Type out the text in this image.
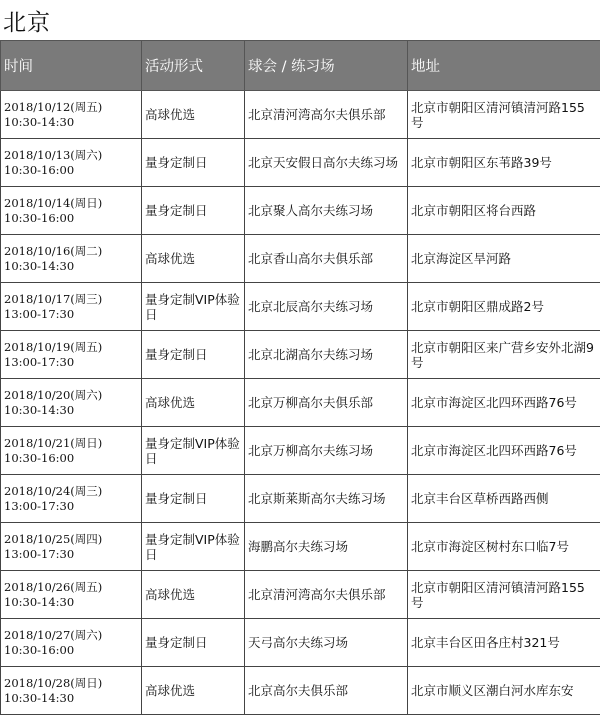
北京
时间	活动形式	球会 / 练习场	地址

2018/10/12(周五)
10:30-14:30	高球优选	北京清河湾高尔夫俱乐部	北京市朝阳区清河镇清河路155号

2018/10/13(周六)
10:30-16:00	量身定制日	北京天安假日高尔夫练习场	北京市朝阳区东苇路39号

2018/10/14(周日)
10:30-16:00	量身定制日	北京聚人高尔夫练习场	北京市朝阳区将台西路

2018/10/16(周二)
10:30-14:30	高球优选	北京香山高尔夫俱乐部	北京海淀区旱河路

2018/10/17(周三)
13:00-17:30	量身定制VIP体验日	北京北辰高尔夫练习场	北京市朝阳区鼎成路2号

2018/10/19(周五)
13:00-17:30	量身定制日	北京北湖高尔夫练习场	北京市朝阳区来广营乡安外北湖9号

2018/10/20(周六)
10:30-14:30	高球优选	北京万柳高尔夫俱乐部	北京市海淀区北四环西路76号

2018/10/21(周日)
10:30-16:00	量身定制VIP体验日	北京万柳高尔夫练习场	北京市海淀区北四环西路76号

2018/10/24(周三)
13:00-17:30	量身定制日	北京斯莱斯高尔夫练习场	北京丰台区草桥西路西侧

2018/10/25(周四)
13:00-17:30	量身定制VIP体验日	海鹏高尔夫练习场	北京市海淀区树村东口临7号

2018/10/26(周五)
10:30-14:30	高球优选	北京清河湾高尔夫俱乐部	北京市朝阳区清河镇清河路155号

2018/10/27(周六)
10:30-16:00	量身定制日	天弓高尔夫练习场	北京丰台区田各庄村321号

2018/10/28(周日)
10:30-14:30	高球优选	北京高尔夫俱乐部	北京市顺义区潮白河水库东安
